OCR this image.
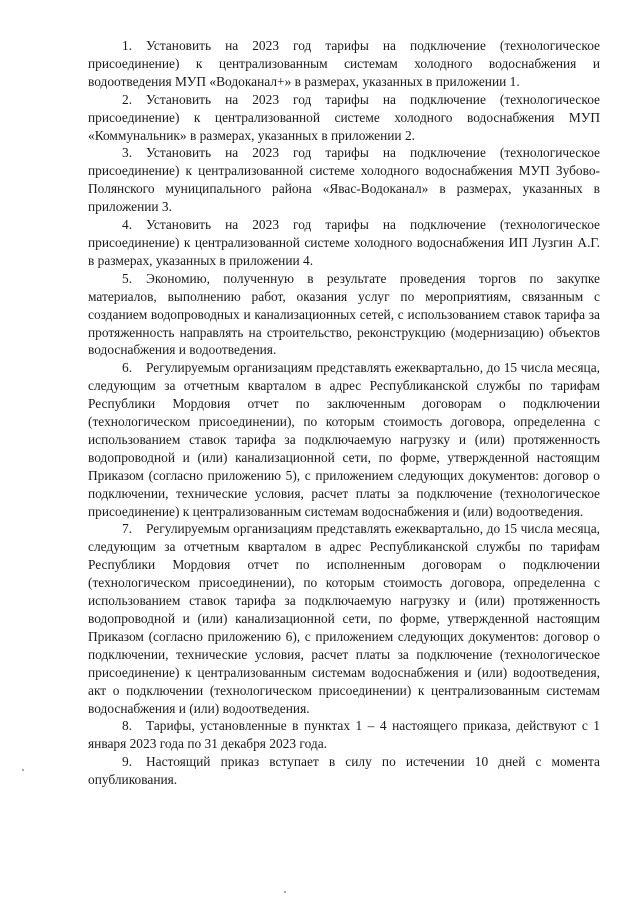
1. Установить на 2023 год тарифы на подключение (технологическое присоединение) к централизованным системам холодного водоснабжения и водоотведения МУП «Водоканал+» в размерах, указанных в приложении 1.

2. Установить на 2023 год тарифы на подключение (технологическое присоединение) к централизованной системе холодного водоснабжения МУП «Коммунальник» в размерах, указанных в приложении 2.

3. Установить на 2023 год тарифы на подключение (технологическое присоединение) к централизованной системе холодного водоснабжения МУП Зубово-Полянского муниципального района «Явас-Водоканал» в размерах, указанных в приложении 3.

4. Установить на 2023 год тарифы на подключение (технологическое присоединение) к централизованной системе холодного водоснабжения ИП Лузгин А.Г. в размерах, указанных в приложении 4.

5. Экономию, полученную в результате проведения торгов по закупке материалов, выполнению работ, оказания услуг по мероприятиям, связанным с созданием водопроводных и канализационных сетей, с использованием ставок тарифа за протяженность направлять на строительство, реконструкцию (модернизацию) объектов водоснабжения и водоотведения.

6. Регулируемым организациям представлять ежеквартально, до 15 числа месяца, следующим за отчетным кварталом в адрес Республиканской службы по тарифам Республики Мордовия отчет по заключенным договорам о подключении (технологическом присоединении), по которым стоимость договора, определенна с использованием ставок тарифа за подключаемую нагрузку и (или) протяженность водопроводной и (или) канализационной сети, по форме, утвержденной настоящим Приказом (согласно приложению 5), с приложением следующих документов: договор о подключении, технические условия, расчет платы за подключение (технологическое присоединение) к централизованным системам водоснабжения и (или) водоотведения.

7. Регулируемым организациям представлять ежеквартально, до 15 числа месяца, следующим за отчетным кварталом в адрес Республиканской службы по тарифам Республики Мордовия отчет по исполненным договорам о подключении (технологическом присоединении), по которым стоимость договора, определенна с использованием ставок тарифа за подключаемую нагрузку и (или) протяженность водопроводной и (или) канализационной сети, по форме, утвержденной настоящим Приказом (согласно приложению 6), с приложением следующих документов: договор о подключении, технические условия, расчет платы за подключение (технологическое присоединение) к централизованным системам водоснабжения и (или) водоотведения, акт о подключении (технологическом присоединении) к централизованным системам водоснабжения и (или) водоотведения.

8. Тарифы, установленные в пунктах 1 – 4 настоящего приказа, действуют с 1 января 2023 года по 31 декабря 2023 года.

9. Настоящий приказ вступает в силу по истечении 10 дней с момента опубликования.
